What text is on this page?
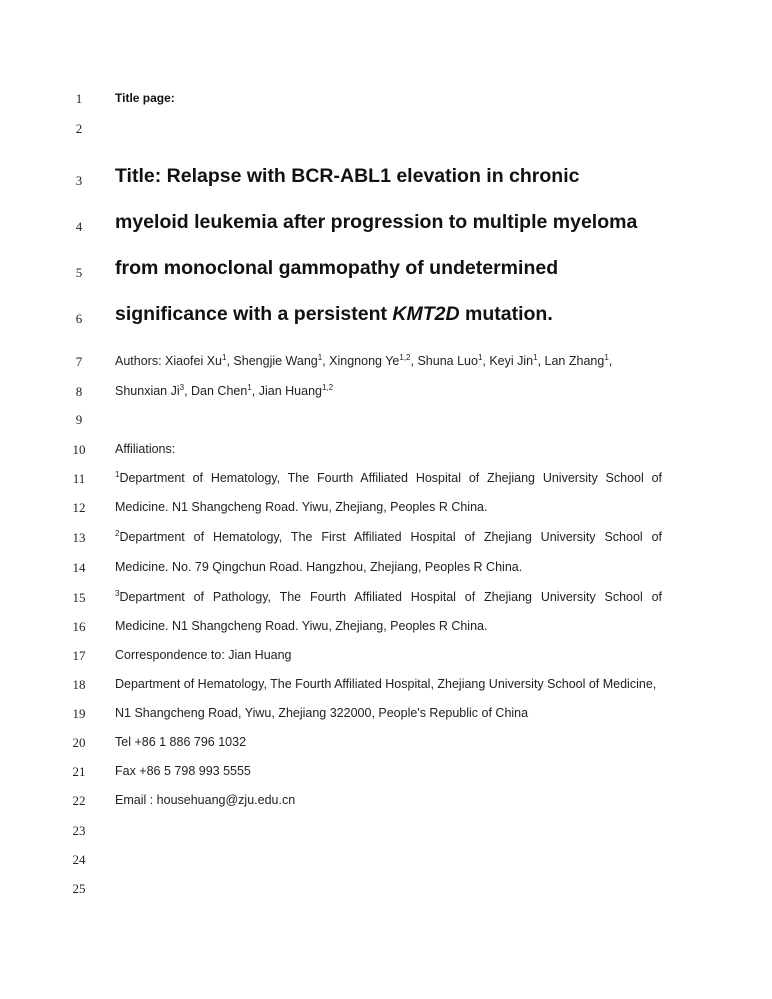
1
2
3
4
5
6
7
8
9
10
11
12
13
14
15
16
17
18
19
20
21
22
23
24
25
Title page:
Title: Relapse with BCR-ABL1 elevation in chronic
myeloid leukemia after progression to multiple myeloma
from monoclonal gammopathy of undetermined
significance with a persistent KMT2D mutation.
Authors: Xiaofei Xu$^1$, Shengjie Wang$^1$, Xingnong Ye$^{1,2}$, Shuna Luo$^1$, Keyi Jin$^1$, Lan Zhang$^1$,
Shunxian Ji$^3$, Dan Chen$^1$, Jian Huang$^{1,2}$
Affiliations:
$^1$Department of Hematology, The Fourth Affiliated Hospital of Zhejiang University School of
Medicine. N1 Shangcheng Road. Yiwu, Zhejiang, Peoples R China.
$^2$Department of Hematology, The First Affiliated Hospital of Zhejiang University School of
Medicine. No. 79 Qingchun Road. Hangzhou, Zhejiang, Peoples R China.
$^3$Department of Pathology, The Fourth Affiliated Hospital of Zhejiang University School of
Medicine. N1 Shangcheng Road. Yiwu, Zhejiang, Peoples R China.
Correspondence to: Jian Huang
Department of Hematology, The Fourth Affiliated Hospital, Zhejiang University School of Medicine,
N1 Shangcheng Road, Yiwu, Zhejiang 322000, People's Republic of China
Tel +86 1 886 796 1032
Fax +86 5 798 993 5555
Email : househuang@zju.edu.cn
